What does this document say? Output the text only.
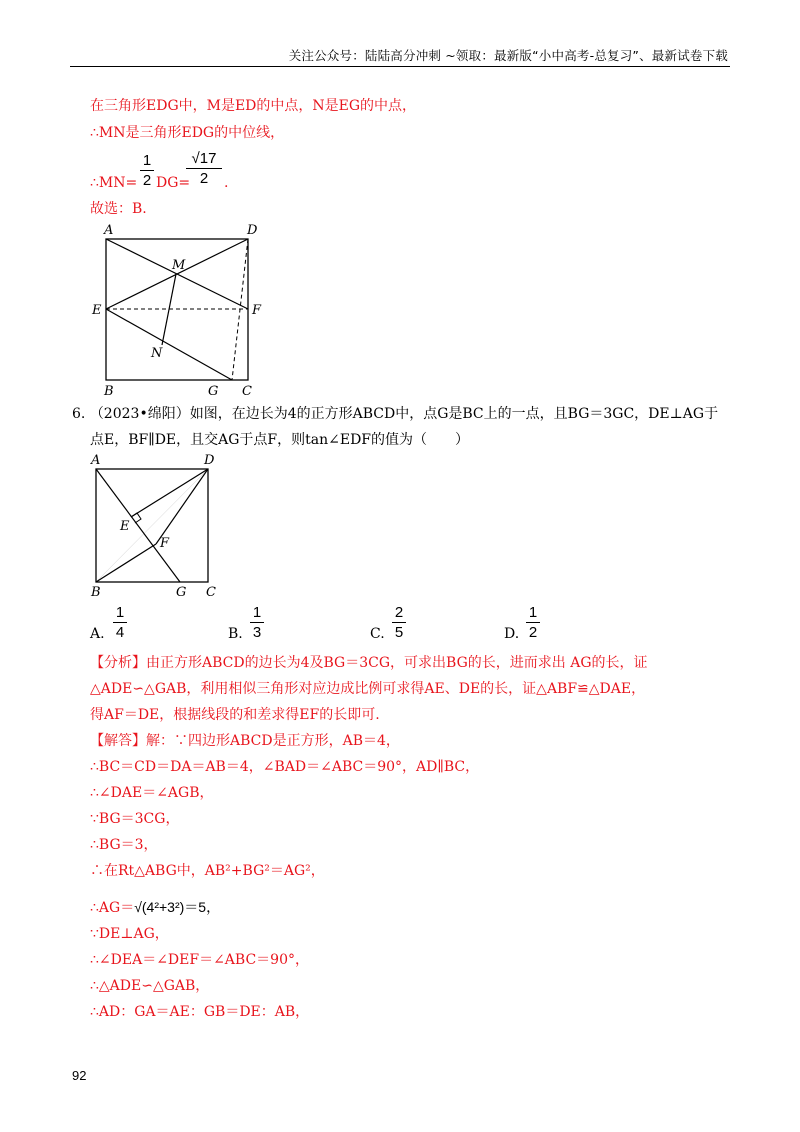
关注公众号：陆陆高分冲刺 ~领取：最新版“小中高考-总复习”、最新试卷下载
在三角形EDG中，M是ED的中点，N是EG的中点，
∴MN是三角形EDG的中位线，
∴MN=
1
2 DG=
√17
2	.
故选：B.
A	D
M
E	F
N
B	G C
6. （2023•绵阳）如图，在边长为4的正方形ABCD中，点G是BC上的一点，且BG＝3GC，DE⊥AG于
点E，BF∥DE，且交AG于点F，则tan∠EDF的值为（　　）
A	D
E
F
B	G C
A.
1
4	B.
1
3	C.
2
5	D.
1
2
【分析】由正方形ABCD的边长为4及BG＝3CG，可求出BG的长，进而求出 AG的长，证
△ADE∽△GAB，利用相似三角形对应边成比例可求得AE、DE的长，证△ABF≌△DAE，
得AF＝DE，根据线段的和差求得EF的长即可.
【解答】解：∵四边形ABCD是正方形，AB＝4，
∴BC＝CD＝DA＝AB＝4，∠BAD＝∠ABC＝90°，AD∥BC，
∴∠DAE＝∠AGB，
∵BG＝3CG，
∴BG＝3，
∴在Rt△ABG中，AB²+BG²＝AG²，
∴AG＝√(4²+3²)＝5，
∵DE⊥AG，
∴∠DEA＝∠DEF＝∠ABC＝90°，
∴△ADE∽△GAB，
∴AD：GA＝AE：GB＝DE：AB，
92
